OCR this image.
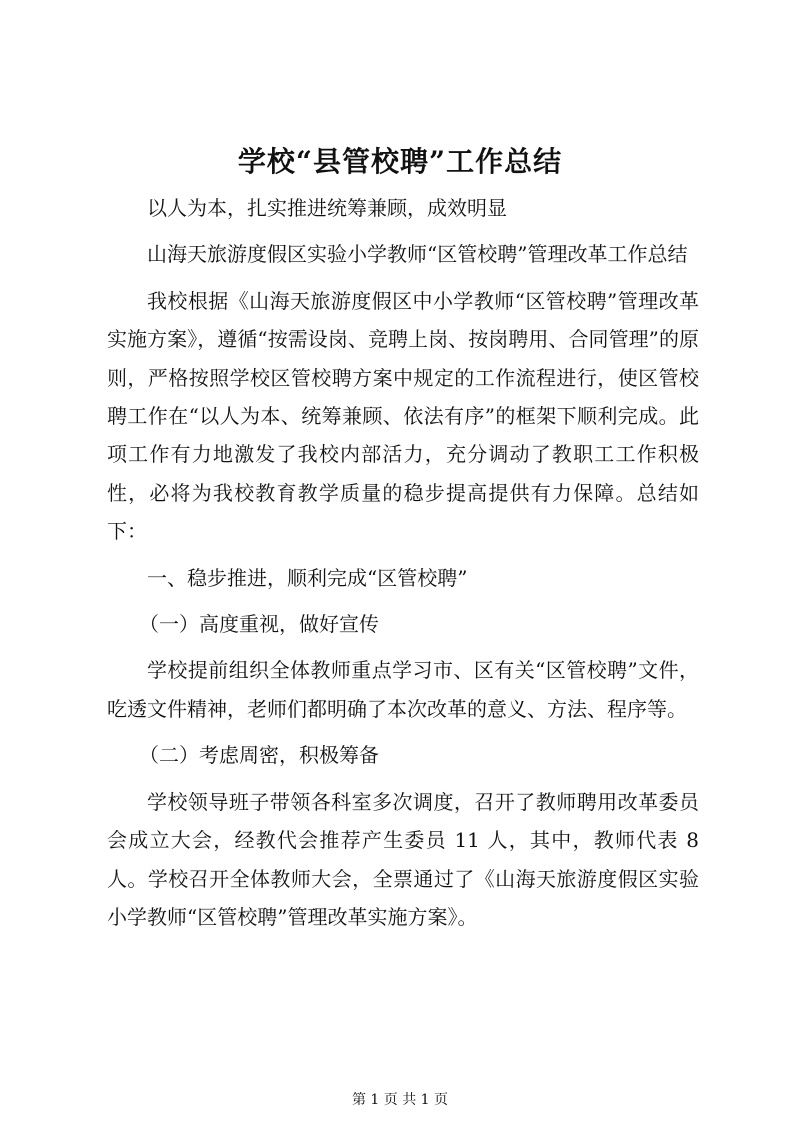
学校“县管校聘”工作总结

以人为本，扎实推进统筹兼顾，成效明显

山海天旅游度假区实验小学教师“区管校聘”管理改革工作总结

我校根据《山海天旅游度假区中小学教师“区管校聘”管理改革实施方案》，遵循“按需设岗、竞聘上岗、按岗聘用、合同管理”的原则，严格按照学校区管校聘方案中规定的工作流程进行，使区管校聘工作在“以人为本、统筹兼顾、依法有序”的框架下顺利完成。此项工作有力地激发了我校内部活力，充分调动了教职工工作积极性，必将为我校教育教学质量的稳步提高提供有力保障。总结如下：

一、稳步推进，顺利完成“区管校聘”

（一）高度重视，做好宣传

学校提前组织全体教师重点学习市、区有关“区管校聘”文件，吃透文件精神，老师们都明确了本次改革的意义、方法、程序等。

（二）考虑周密，积极筹备

学校领导班子带领各科室多次调度，召开了教师聘用改革委员会成立大会，经教代会推荐产生委员 11 人，其中，教师代表 8 人。学校召开全体教师大会，全票通过了《山海天旅游度假区实验小学教师“区管校聘”管理改革实施方案》。

第 1 页 共 1 页
